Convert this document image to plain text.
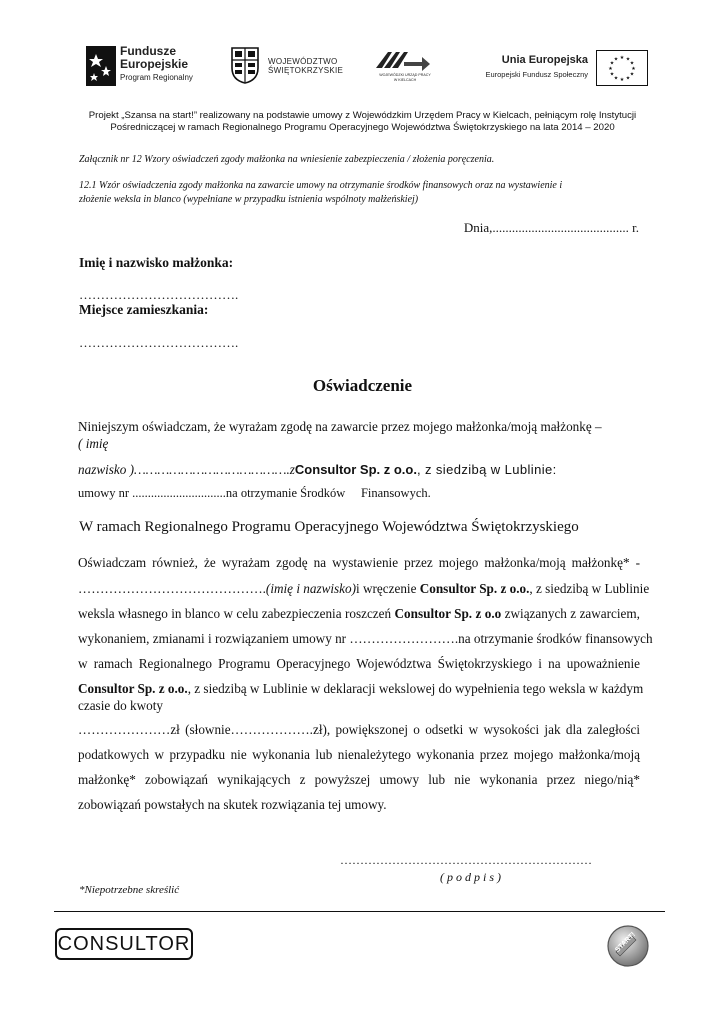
Fundusze
Europejskie
Program Regionalny
WOJEWÓDZTWO
ŚWIĘTOKRZYSKIE	WOJEWÓDZKI URZĄD PRACY
W KIELCACH
Unia Europejska
Europejski Fundusz Społeczny
★ ★
★
★
★
★
★
★
★
★
★
★
Projekt „Szansa na start!” realizowany na podstawie umowy z Wojewódzkim Urzędem Pracy w Kielcach, pełniącym rolę Instytucji
Pośredniczącej w ramach Regionalnego Programu Operacyjnego Województwa Świętokrzyskiego na lata 2014 – 2020
Załącznik nr 12 Wzory oświadczeń zgody małżonka na wniesienie zabezpieczenia / złożenia poręczenia.
12.1 Wzór oświadczenia zgody małżonka na zawarcie umowy na otrzymanie środków finansowych oraz na wystawienie i
złożenie weksla in blanco (wypełniane w przypadku istnienia wspólnoty małżeńskiej)
Dnia,.......................................... r.
Imię i nazwisko małżonka:
……………………………….
Miejsce zamieszkania:
……………………………….
Oświadczenie
Niniejszym oświadczam, że wyrażam zgodę na zawarcie przez mojego małżonka/moją małżonkę –
( imię
nazwisko )………………………………….zConsultor Sp. z o.o., z siedzibą w Lublinie:
umowy nr ..............................na otrzymanie Środków     Finansowych.
W ramach Regionalnego Programu Operacyjnego Województwa Świętokrzyskiego
Oświadczam również, że wyrażam zgodę na wystawienie przez mojego małżonka/moją małżonkę* -
…………………………………….(imię i nazwisko)i wręczenie Consultor Sp. z o.o., z siedzibą w Lublinie
weksla własnego in blanco w celu zabezpieczenia roszczeń Consultor Sp. z o.o związanych z zawarciem,
wykonaniem, zmianami i rozwiązaniem umowy nr …………………….na otrzymanie środków finansowych
w ramach Regionalnego Programu Operacyjnego Województwa Świętokrzyskiego i na upoważnienie
Consultor Sp. z o.o., z siedzibą w Lublinie w deklaracji wekslowej do wypełnienia tego weksla w każdym
czasie do kwoty
…………………zł (słownie……………….zł), powiększonej o odsetki w wysokości jak dla zaległości
podatkowych w przypadku nie wykonania lub nienależytego wykonania przez mojego małżonka/moją
małżonkę* zobowiązań wynikających z powyższej umowy lub nie wykonania przez niego/nią*
zobowiązań powstałych na skutek rozwiązania tej umowy.
………………………………………………………
( p o d p i s )
*Niepotrzebne skreślić
CONSULTOR	START!
